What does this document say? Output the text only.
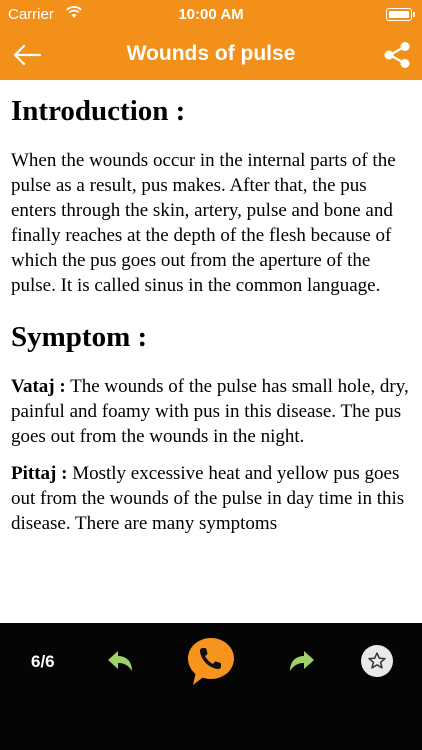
Carrier	10:00 AM
Wounds of pulse
Introduction :

When the wounds occur in the internal parts of the pulse as a result, pus makes. After that, the pus enters through the skin, artery, pulse and bone and finally reaches at the depth of the flesh because of which the pus goes out from the aperture of the pulse. It is called sinus in the common language.

Symptom :

Vataj : The wounds of the pulse has small hole, dry, painful and foamy with pus in this disease. The pus goes out from the wounds in the night.

Pittaj : Mostly excessive heat and yellow pus goes out from the wounds of the pulse in day time in this disease. There are many symptoms

6/6
